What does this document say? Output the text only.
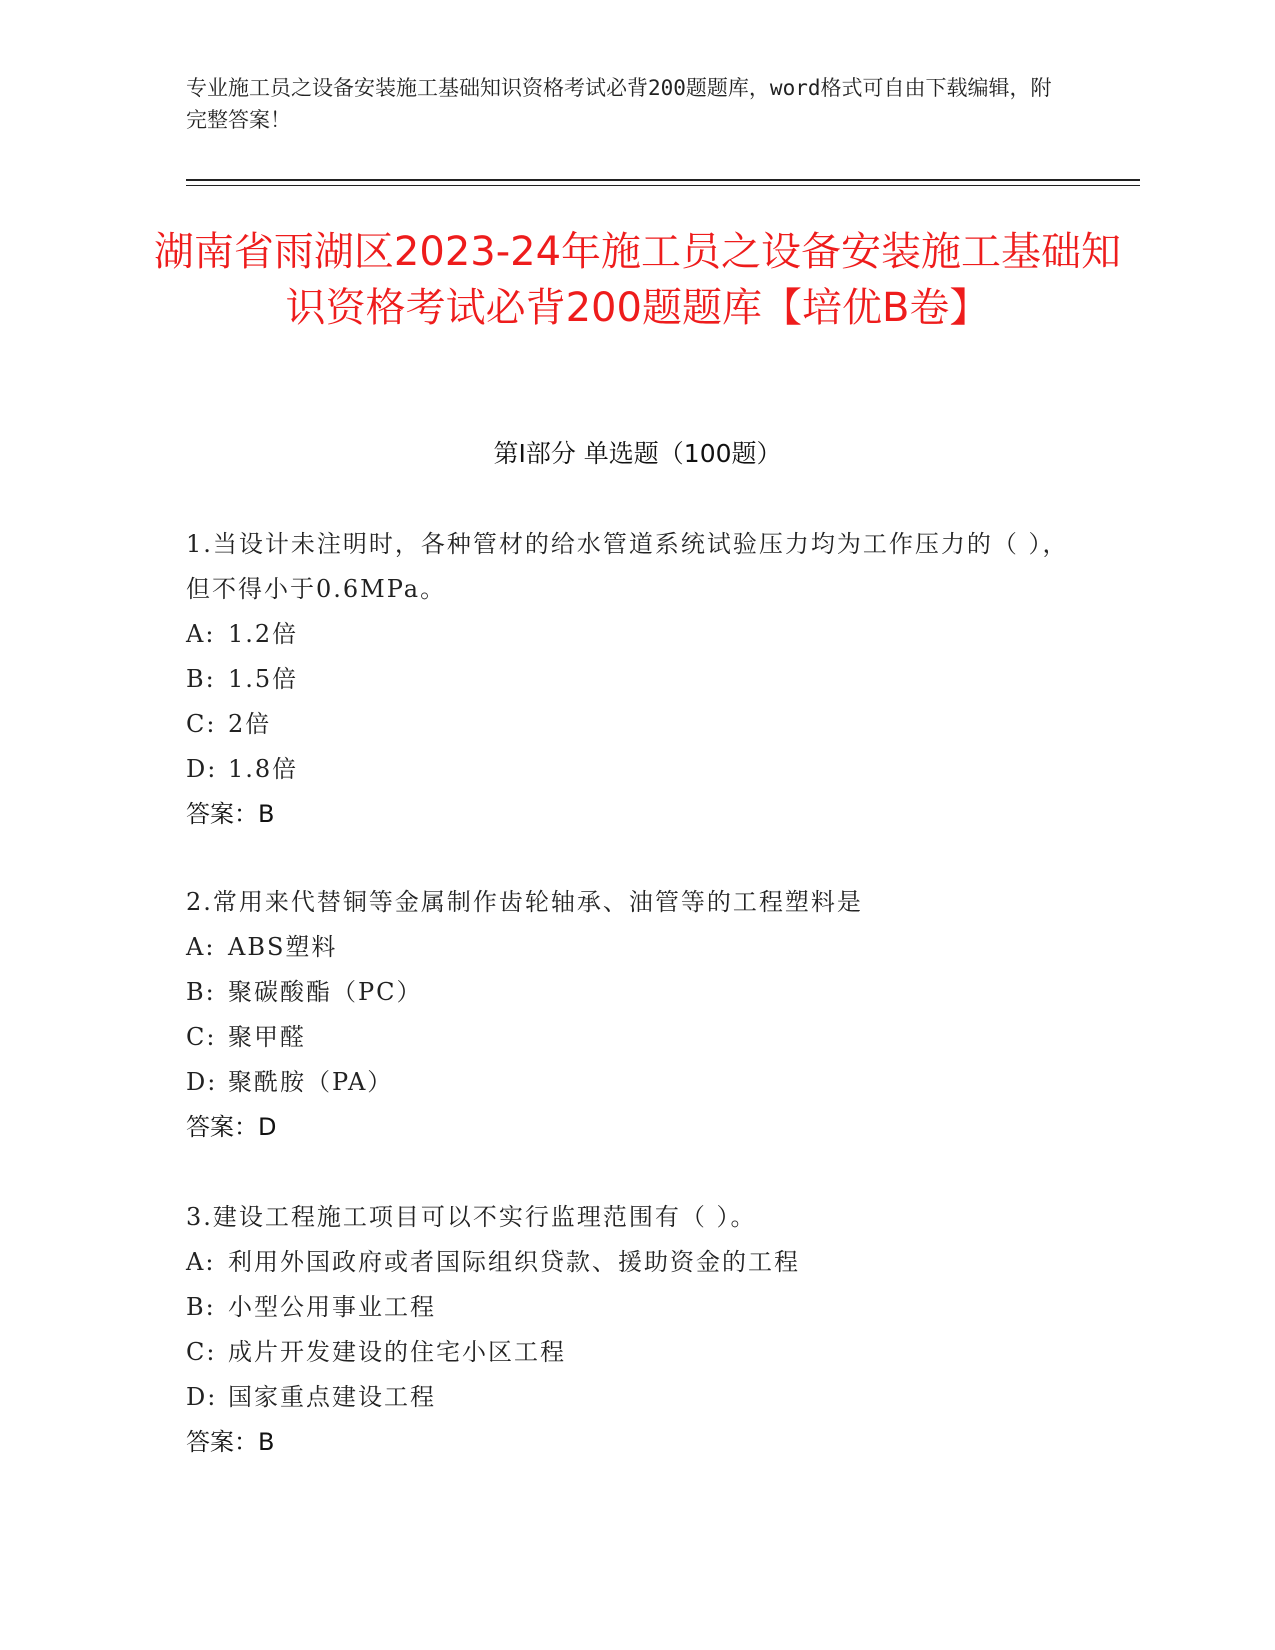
专业施工员之设备安装施工基础知识资格考试必背200题题库，word格式可自由下载编辑，附完整答案！
湖南省雨湖区2023-24年施工员之设备安装施工基础知识资格考试必背200题题库【培优B卷】
第I部分 单选题（100题）
1.当设计未注明时，各种管材的给水管道系统试验压力均为工作压力的（ ），但不得小于0.6MPa。
A: 1.2倍
B: 1.5倍
C: 2倍
D: 1.8倍
答案：B
2.常用来代替铜等金属制作齿轮轴承、油管等的工程塑料是
A: ABS塑料
B: 聚碳酸酯（PC）
C: 聚甲醛
D: 聚酰胺（PA）
答案：D
3.建设工程施工项目可以不实行监理范围有（ ）。
A: 利用外国政府或者国际组织贷款、援助资金的工程
B: 小型公用事业工程
C: 成片开发建设的住宅小区工程
D: 国家重点建设工程
答案：B
